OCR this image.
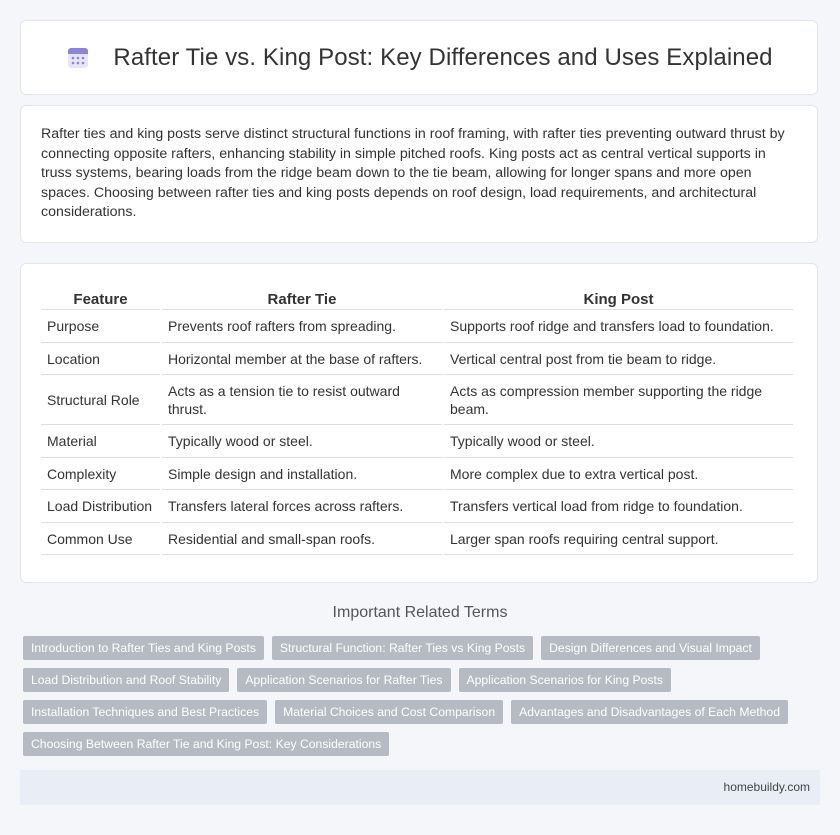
Rafter Tie vs. King Post: Key Differences and Uses Explained

Rafter ties and king posts serve distinct structural functions in roof framing, with rafter ties preventing outward thrust by connecting opposite rafters, enhancing stability in simple pitched roofs. King posts act as central vertical supports in truss systems, bearing loads from the ridge beam down to the tie beam, allowing for longer spans and more open spaces. Choosing between rafter ties and king posts depends on roof design, load requirements, and architectural considerations.

Feature	Rafter Tie	King Post
Purpose	Prevents roof rafters from spreading.	Supports roof ridge and transfers load to foundation.
Location	Horizontal member at the base of rafters.	Vertical central post from tie beam to ridge.
Structural Role	Acts as a tension tie to resist outward thrust.	Acts as compression member supporting the ridge beam.
Material	Typically wood or steel.	Typically wood or steel.
Complexity	Simple design and installation.	More complex due to extra vertical post.
Load Distribution	Transfers lateral forces across rafters.	Transfers vertical load from ridge to foundation.
Common Use	Residential and small-span roofs.	Larger span roofs requiring central support.
Important Related Terms
Introduction to Rafter Ties and King Posts	Structural Function: Rafter Ties vs King Posts	Design Differences and Visual Impact
Load Distribution and Roof Stability	Application Scenarios for Rafter Ties	Application Scenarios for King Posts
Installation Techniques and Best Practices	Material Choices and Cost Comparison	Advantages and Disadvantages of Each Method
Choosing Between Rafter Tie and King Post: Key Considerations
homebuildy.com
